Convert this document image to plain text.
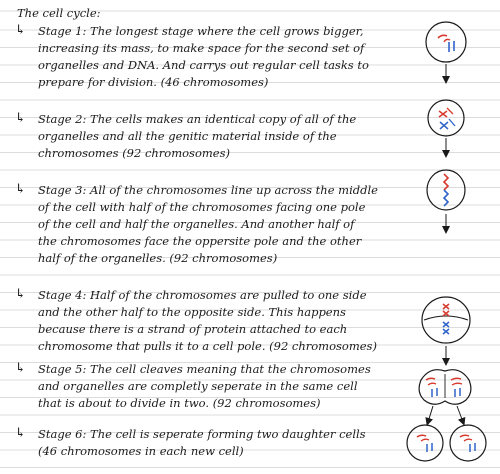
The cell cycle:
↳ Stage 1: The longest stage where the cell grows bigger,
increasing its mass, to make space for the second set of
organelles and DNA. And carrys out regular cell tasks to
prepare for division. (46 chromosomes)
↳ Stage 2: The cells makes an identical copy of all of the
organelles and all the genitic material inside of the
chromosomes (92 chromosomes)
↳ Stage 3: All of the chromosomes line up across the middle
of the cell with half of the chromosomes facing one pole
of the cell and half the organelles. And another half of
the chromosomes face the oppersite pole and the other
half of the organelles. (92 chromosomes)
↳ Stage 4: Half of the chromosomes are pulled to one side
and the other half to the opposite side. This happens
because there is a strand of protein attached to each
chromosome that pulls it to a cell pole. (92 chromosomes)
↳ Stage 5: The cell cleaves meaning that the chromosomes
and organelles are completly seperate in the same cell
that is about to divide in two. (92 chromosomes)
↳ Stage 6: The cell is seperate forming two daughter cells
(46 chromosomes in each new cell)
